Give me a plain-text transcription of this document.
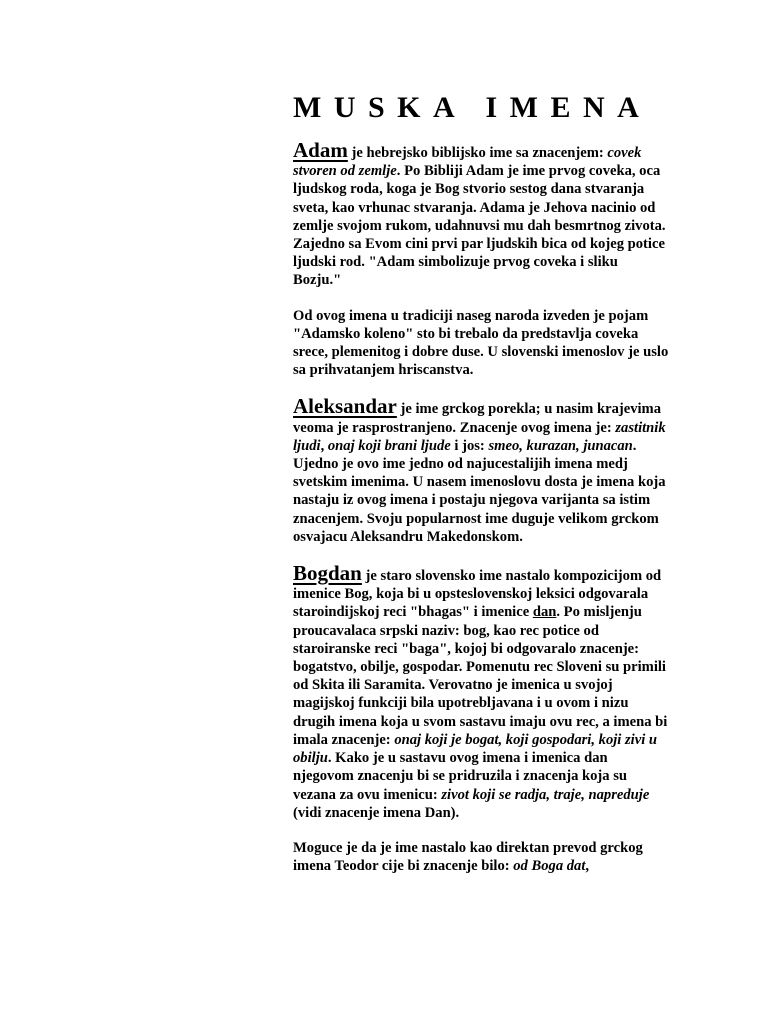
MUSKA IMENA

Adam je hebrejsko biblijsko ime sa znacenjem: covek stvoren od zemlje. Po Bibliji Adam je ime prvog coveka, oca ljudskog roda, koga je Bog stvorio sestog dana stvaranja sveta, kao vrhunac stvaranja. Adama je Jehova nacinio od zemlje svojom rukom, udahnuvsi mu dah besmrtnog zivota. Zajedno sa Evom cini prvi par ljudskih bica od kojeg potice ljudski rod. "Adam simbolizuje prvog coveka i sliku Bozju."

Od ovog imena u tradiciji naseg naroda izveden je pojam "Adamsko koleno" sto bi trebalo da predstavlja coveka srece, plemenitog i dobre duse. U slovenski imenoslov je uslo sa prihvatanjem hriscanstva.

Aleksandar je ime grckog porekla; u nasim krajevima veoma je rasprostranjeno. Znacenje ovog imena je: zastitnik ljudi, onaj koji brani ljude i jos: smeo, kurazan, junacan. Ujedno je ovo ime jedno od najucestalijih imena medj svetskim imenima. U nasem imenoslovu dosta je imena koja nastaju iz ovog imena i postaju njegova varijanta sa istim znacenjem. Svoju popularnost ime duguje velikom grckom osvajacu Aleksandru Makedonskom.

Bogdan je staro slovensko ime nastalo kompozicijom od imenice Bog, koja bi u opsteslovenskoj leksici odgovarala staroindijskoj reci "bhagas" i imenice dan. Po misljenju proucavalaca srpski naziv: bog, kao rec potice od staroiranske reci "baga", kojoj bi odgovaralo znacenje: bogatstvo, obilje, gospodar. Pomenutu rec Sloveni su primili od Skita ili Saramita. Verovatno je imenica u svojoj magijskoj funkciji bila upotrebljavana i u ovom i nizu drugih imena koja u svom sastavu imaju ovu rec, a imena bi imala znacenje: onaj koji je bogat, koji gospodari, koji zivi u obilju. Kako je u sastavu ovog imena i imenica dan njegovom znacenju bi se pridruzila i znacenja koja su vezana za ovu imenicu: zivot koji se radja, traje, napreduje (vidi znacenje imena Dan).

Moguce je da je ime nastalo kao direktan prevod grckog imena Teodor cije bi znacenje bilo: od Boga dat,
